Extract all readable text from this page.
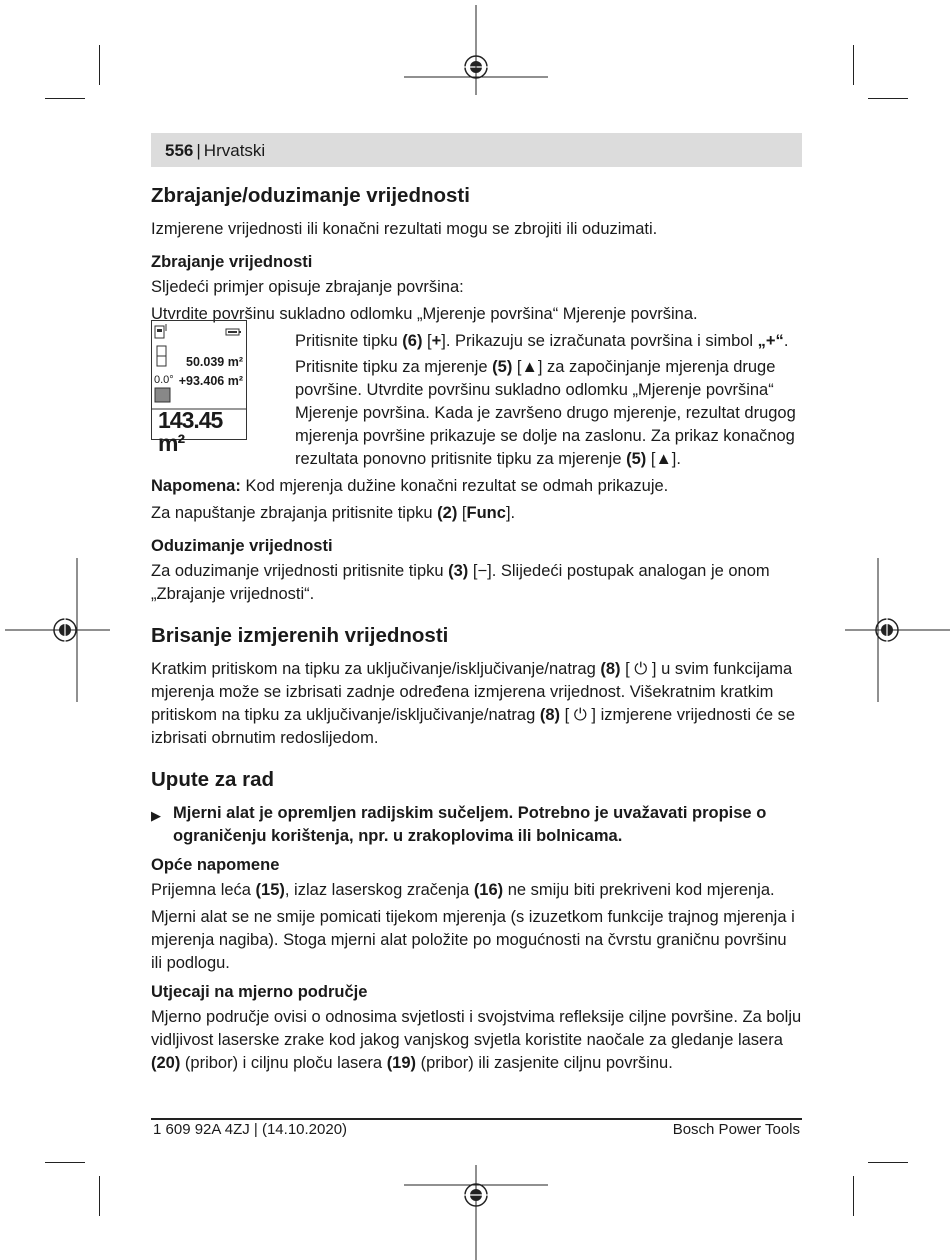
556 | Hrvatski
Zbrajanje/oduzimanje vrijednosti

Izmjerene vrijednosti ili konačni rezultati mogu se zbrojiti ili oduzimati.

Zbrajanje vrijednosti

Sljedeći primjer opisuje zbrajanje površina:

Utvrdite površinu sukladno odlomku „Mjerenje površina“ Mjerenje površina.

50.039 m²
0.0° +93.406 m²
143.45 m²

Pritisnite tipku (6) [+]. Prikazuju se izračunata površina i simbol „+“.

Pritisnite tipku za mjerenje (5) [▲] za započinjanje mjerenja druge površine. Utvrdite površinu sukladno odlomku „Mjerenje površina“ Mjerenje površina. Kada je završeno drugo mjerenje, rezultat drugog mjerenja površine prikazuje se dolje na zaslonu. Za prikaz konačnog rezultata ponovno pritisnite tipku za mjerenje (5) [▲].

Napomena: Kod mjerenja dužine konačni rezultat se odmah prikazuje.

Za napuštanje zbrajanja pritisnite tipku (2) [Func].

Oduzimanje vrijednosti

Za oduzimanje vrijednosti pritisnite tipku (3) [−]. Slijedeći postupak analogan je onom „Zbrajanje vrijednosti“.

Brisanje izmjerenih vrijednosti

Kratkim pritiskom na tipku za uključivanje/isključivanje/natrag (8) [ ⏻ ] u svim funkcijama mjerenja može se izbrisati zadnje određena izmjerena vrijednost. Višekratnim kratkim pritiskom na tipku za uključivanje/isključivanje/natrag (8) [ ⏻ ] izmjerene vrijednosti će se izbrisati obrnutim redoslijedom.

Upute za rad
▶ Mjerni alat je opremljen radijskim sučeljem. Potrebno je uvažavati propise o ograničenju korištenja, npr. u zrakoplovima ili bolnicama.
Opće napomene

Prijemna leća (15), izlaz laserskog zračenja (16) ne smiju biti prekriveni kod mjerenja.

Mjerni alat se ne smije pomicati tijekom mjerenja (s izuzetkom funkcije trajnog mjerenja i mjerenja nagiba). Stoga mjerni alat položite po mogućnosti na čvrstu graničnu površinu ili podlogu.

Utjecaji na mjerno područje

Mjerno područje ovisi o odnosima svjetlosti i svojstvima refleksije ciljne površine. Za bolju vidljivost laserske zrake kod jakog vanjskog svjetla koristite naočale za gledanje lasera (20) (pribor) i ciljnu ploču lasera (19) (pribor) ili zasjenite ciljnu površinu.

1 609 92A 4ZJ | (14.10.2020)	Bosch Power Tools
